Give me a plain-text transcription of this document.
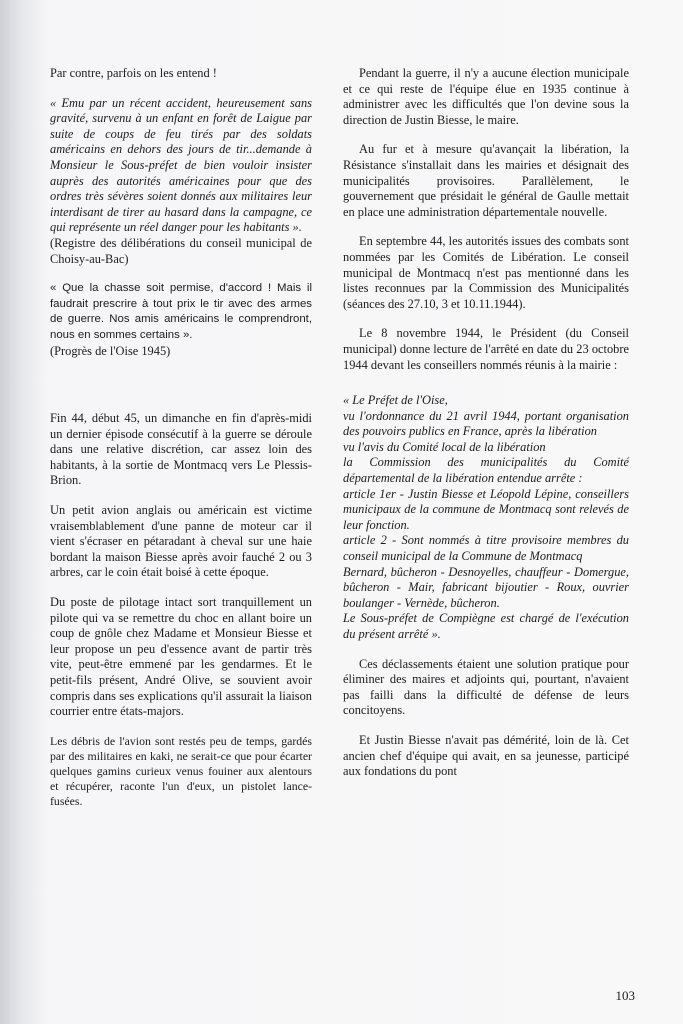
Par contre, parfois on les entend !

« Emu par un récent accident, heureusement sans gravité, survenu à un enfant en forêt de Laigue par suite de coups de feu tirés par des soldats américains en dehors des jours de tir...demande à Monsieur le Sous-préfet de bien vouloir insister auprès des autorités américaines pour que des ordres très sévères soient donnés aux militaires leur interdisant de tirer au hasard dans la campagne, ce qui représente un réel danger pour les habitants ».
(Registre des délibérations du conseil municipal de Choisy-au-Bac)

« Que la chasse soit permise, d'accord ! Mais il faudrait prescrire à tout prix le tir avec des armes de guerre. Nos amis américains le comprendront, nous en sommes certains ».
(Progrès de l'Oise 1945)

Fin 44, début 45, un dimanche en fin d'après-midi un dernier épisode consécutif à la guerre se déroule dans une relative discrétion, car assez loin des habitants, à la sortie de Montmacq vers Le Plessis-Brion.

Un petit avion anglais ou américain est victime vraisemblablement d'une panne de moteur car il vient s'écraser en pétaradant à cheval sur une haie bordant la maison Biesse après avoir fauché 2 ou 3 arbres, car le coin était boisé à cette époque.

Du poste de pilotage intact sort tranquillement un pilote qui va se remettre du choc en allant boire un coup de gnôle chez Madame et Monsieur Biesse et leur propose un peu d'essence avant de partir très vite, peut-être emmené par les gendarmes. Et le petit-fils présent, André Olive, se souvient avoir compris dans ses explications qu'il assurait la liaison courrier entre états-majors.

Les débris de l'avion sont restés peu de temps, gardés par des militaires en kaki, ne serait-ce que pour écarter quelques gamins curieux venus fouiner aux alentours et récupérer, raconte l'un d'eux, un pistolet lance-fusées.

Pendant la guerre, il n'y a aucune élection municipale et ce qui reste de l'équipe élue en 1935 continue à administrer avec les difficultés que l'on devine sous la direction de Justin Biesse, le maire.

Au fur et à mesure qu'avançait la libération, la Résistance s'installait dans les mairies et désignait des municipalités provisoires. Parallèlement, le gouvernement que présidait le général de Gaulle mettait en place une administration départementale nouvelle.

En septembre 44, les autorités issues des combats sont nommées par les Comités de Libération. Le conseil municipal de Montmacq n'est pas mentionné dans les listes reconnues par la Commission des Municipalités (séances des 27.10, 3 et 10.11.1944).

Le 8 novembre 1944, le Président (du Conseil municipal) donne lecture de l'arrêté en date du 23 octobre 1944 devant les conseillers nommés réunis à la mairie :

« Le Préfet de l'Oise,
vu l'ordonnance du 21 avril 1944, portant organisation des pouvoirs publics en France, après la libération
vu l'avis du Comité local de la libération
la Commission des municipalités du Comité départemental de la libération entendue arrête :
article 1er - Justin Biesse et Léopold Lépine, conseillers municipaux de la commune de Montmacq sont relevés de leur fonction.
article 2 - Sont nommés à titre provisoire membres du conseil municipal de la Commune de Montmacq
Bernard, bûcheron - Desnoyelles, chauffeur - Domergue, bûcheron - Mair, fabricant bijoutier - Roux, ouvrier boulanger - Vernède, bûcheron.
Le Sous-préfet de Compiègne est chargé de l'exécution du présent arrêté ».

Ces déclassements étaient une solution pratique pour éliminer des maires et adjoints qui, pourtant, n'avaient pas failli dans la difficulté de défense de leurs concitoyens.

Et Justin Biesse n'avait pas démérité, loin de là. Cet ancien chef d'équipe qui avait, en sa jeunesse, participé aux fondations du pont

103
